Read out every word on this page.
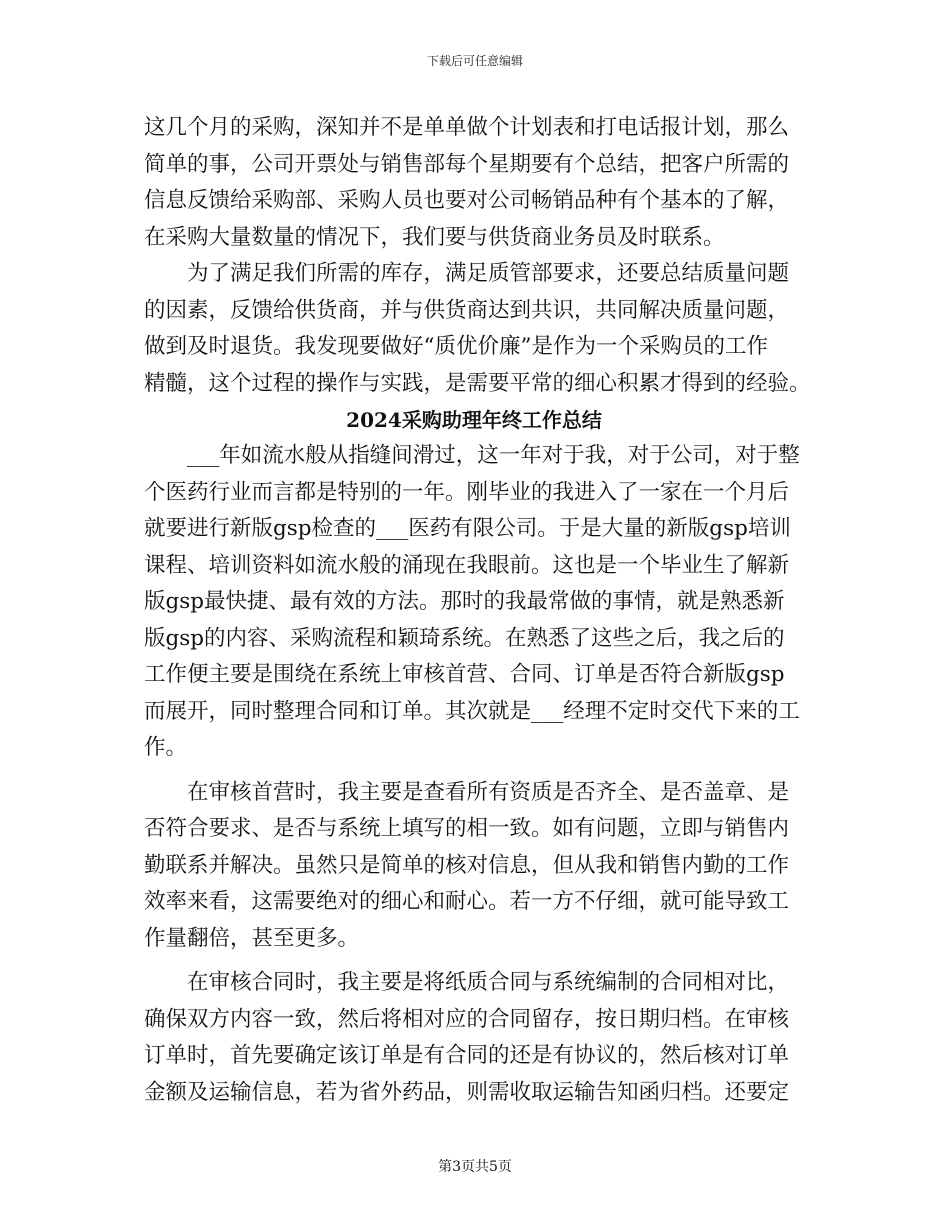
下载后可任意编辑
这几个月的采购，深知并不是单单做个计划表和打电话报计划，那么
简单的事，公司开票处与销售部每个星期要有个总结，把客户所需的
信息反馈给采购部、采购人员也要对公司畅销品种有个基本的了解，
在采购大量数量的情况下，我们要与供货商业务员及时联系。
为了满足我们所需的库存，满足质管部要求，还要总结质量问题
的因素，反馈给供货商，并与供货商达到共识，共同解决质量问题，
做到及时退货。我发现要做好“质优价廉”是作为一个采购员的工作
精髓，这个过程的操作与实践，是需要平常的细心积累才得到的经验。
2024采购助理年终工作总结
___年如流水般从指缝间滑过，这一年对于我，对于公司，对于整
个医药行业而言都是特别的一年。刚毕业的我进入了一家在一个月后
就要进行新版gsp检查的___医药有限公司。于是大量的新版gsp培训
课程、培训资料如流水般的涌现在我眼前。这也是一个毕业生了解新
版gsp最快捷、最有效的方法。那时的我最常做的事情，就是熟悉新
版gsp的内容、采购流程和颖琦系统。在熟悉了这些之后，我之后的
工作便主要是围绕在系统上审核首营、合同、订单是否符合新版gsp
而展开，同时整理合同和订单。其次就是___经理不定时交代下来的工
作。
在审核首营时，我主要是查看所有资质是否齐全、是否盖章、是
否符合要求、是否与系统上填写的相一致。如有问题，立即与销售内
勤联系并解决。虽然只是简单的核对信息，但从我和销售内勤的工作
效率来看，这需要绝对的细心和耐心。若一方不仔细，就可能导致工
作量翻倍，甚至更多。
在审核合同时，我主要是将纸质合同与系统编制的合同相对比，
确保双方内容一致，然后将相对应的合同留存，按日期归档。在审核
订单时，首先要确定该订单是有合同的还是有协议的，然后核对订单
金额及运输信息，若为省外药品，则需收取运输告知函归档。还要定
第3页共5页
